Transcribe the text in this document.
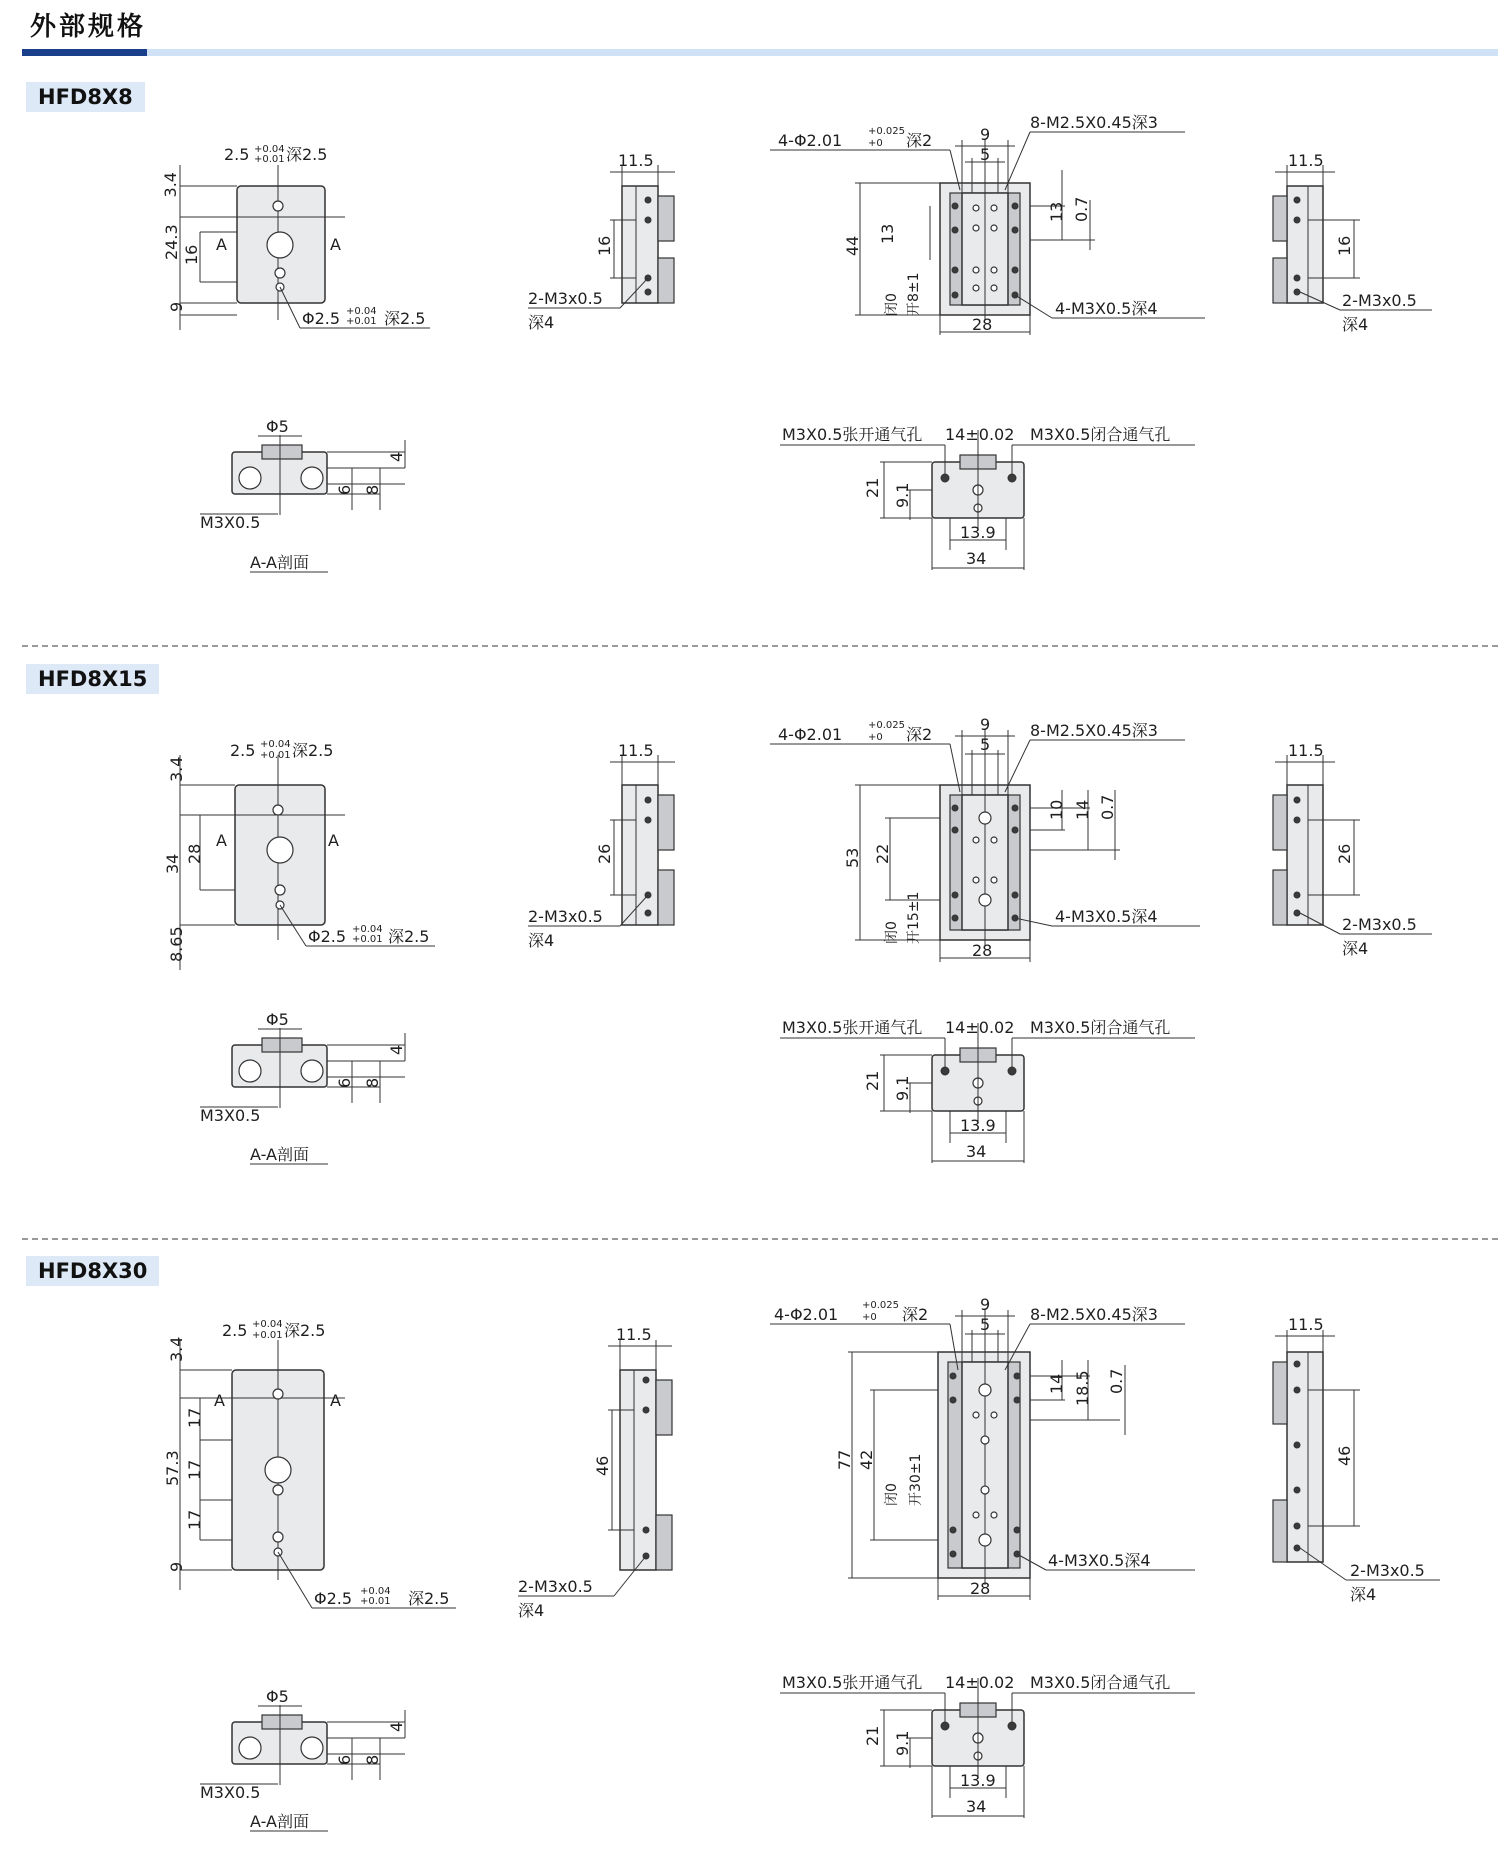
外部规格
HFD8X8
HFD8X15
HFD8X30
3.4
24.3 16
9
A	A
2.5 +0.04
+0.01 深2.5
Φ2.5 +0.04
+0.01 深2.5
11.5
16
2-M3x0.5
深4
9
5
4-Φ2.01	+0.025
+0 深2
8-M2.5X0.45深3
44
13
13 0.7
闭0 开8±1
28
4-M3X0.5深4
11.5
16
2-M3x0.5
深4
Φ5
4
6 8
M3X0.5
A-A剖面
M3X0.5张开通气孔 14±0.02 M3X0.5闭合通气孔
21 9.1
13.9
34
3.4
34 28
8.65
A	A
2.5 +0.04
+0.01 深2.5
Φ2.5 +0.04
+0.01 深2.5
11.5
26
2-M3x0.5
深4
9
5
4-Φ2.01	+0.025
+0 深2	8-M2.5X0.45深3
53 22
10 14 0.7
闭0 开15±1
28
4-M3X0.5深4
11.5
26
2-M3x0.5
深4
Φ5
4
6 8
M3X0.5
A-A剖面
M3X0.5张开通气孔 14±0.02 M3X0.5闭合通气孔
21 9.1
13.9
34
3.4
57.3
17
17
17
9
A	A
2.5 +0.04
+0.01 深2.5
Φ2.5 +0.04
+0.01 深2.5
11.5
46
2-M3x0.5
深4
9
5
4-Φ2.01 +0.025
+0 深2	8-M2.5X0.45深3
77 42
14 18.5 0.7
闭0 开30±1
28
4-M3X0.5深4
11.5
46
2-M3x0.5
深4
Φ5
4
6 8
M3X0.5
A-A剖面
M3X0.5张开通气孔 14±0.02 M3X0.5闭合通气孔
21 9.1
13.9
34
